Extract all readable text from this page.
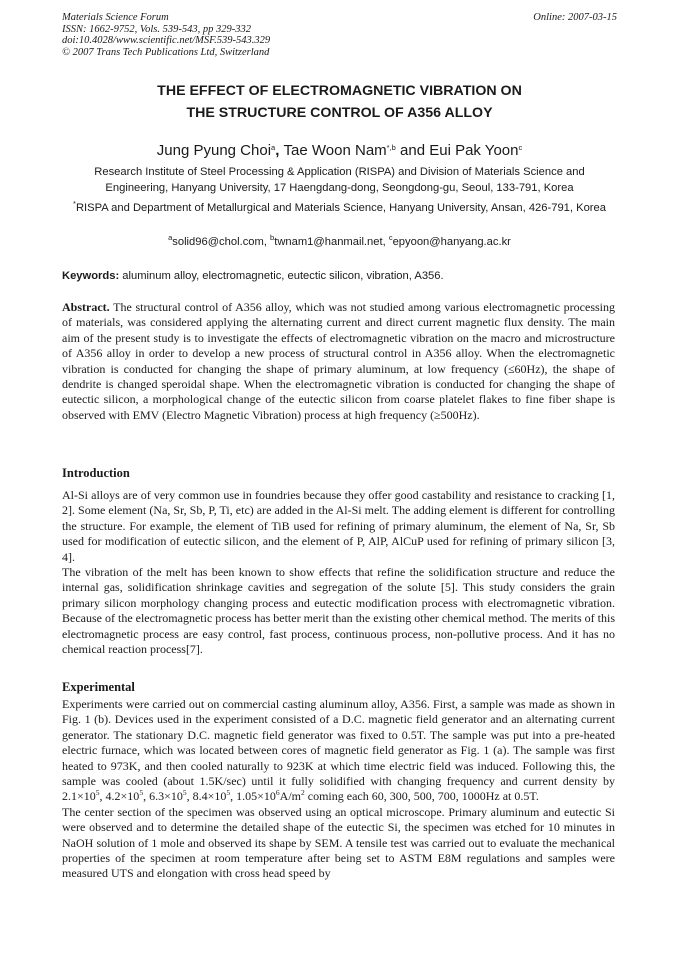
Materials Science Forum
ISSN: 1662-9752, Vols. 539-543, pp 329-332
doi:10.4028/www.scientific.net/MSF.539-543.329
© 2007 Trans Tech Publications Ltd, Switzerland
Online: 2007-03-15
THE EFFECT OF ELECTROMAGNETIC VIBRATION ON
THE STRUCTURE CONTROL OF A356 ALLOY
Jung Pyung Choi$^a$, Tae Woon Nam$^{*,b}$ and Eui Pak Yoon$^c$
Research Institute of Steel Processing & Application (RISPA) and Division of Materials Science and Engineering, Hanyang University, 17 Haengdang-dong, Seongdong-gu, Seoul, 133-791, Korea
*RISPA and Department of Metallurgical and Materials Science, Hanyang University, Ansan, 426-791, Korea
$^a$solid96@chol.com, $^b$twnam1@hanmail.net, $^c$epyoon@hanyang.ac.kr
Keywords: aluminum alloy, electromagnetic, eutectic silicon, vibration, A356.

Abstract. The structural control of A356 alloy, which was not studied among various electromagnetic processing of materials, was considered applying the alternating current and direct current magnetic flux density. The main aim of the present study is to investigate the effects of electromagnetic vibration on the macro and microstructure of A356 alloy in order to develop a new process of structural control in A356 alloy. When the electromagnetic vibration is conducted for changing the shape of primary aluminum, at low frequency (≤60Hz), the shape of dendrite is changed speroidal shape. When the electromagnetic vibration is conducted for changing the shape of eutectic silicon, a morphological change of the eutectic silicon from coarse platelet flakes to fine fiber shape is observed with EMV (Electro Magnetic Vibration) process at high frequency (≥500Hz).

Introduction

Al-Si alloys are of very common use in foundries because they offer good castability and resistance to cracking [1, 2]. Some element (Na, Sr, Sb, P, Ti, etc) are added in the Al-Si melt. The adding element is different for controlling the structure. For example, the element of TiB used for refining of primary aluminum, the element of Na, Sr, Sb used for modification of eutectic silicon, and the element of P, AlP, AlCuP used for refining of primary silicon [3, 4].

The vibration of the melt has been known to show effects that refine the solidification structure and reduce the internal gas, solidification shrinkage cavities and segregation of the solute [5]. This study considers the grain primary silicon morphology changing process and eutectic modification process with electromagnetic vibration. Because of the electromagnetic process has better merit than the existing other chemical method. The merits of this electromagnetic process are easy control, fast process, continuous process, non-pollutive process. And it has no chemical reaction process[7].

Experimental

Experiments were carried out on commercial casting aluminum alloy, A356. First, a sample was made as shown in Fig. 1 (b). Devices used in the experiment consisted of a D.C. magnetic field generator and an alternating current generator. The stationary D.C. magnetic field generator was fixed to 0.5T. The sample was put into a pre-heated electric furnace, which was located between cores of magnetic field generator as Fig. 1 (a). The sample was first heated to 973K, and then cooled naturally to 923K at which time electric field was induced. Following this, the sample was cooled (about 1.5K/sec) until it fully solidified with changing frequency and current density by $2.1\times 10^5$, $4.2\times 10^5$, $6.3\times 10^5$, $8.4\times 10^5$, $1.05\times 10^6A/m^2$ coming each 60, 300, 500, 700, 1000Hz at 0.5T.

The center section of the specimen was observed using an optical microscope. Primary aluminum and eutectic Si were observed and to determine the detailed shape of the eutectic Si, the specimen was etched for 10 minutes in NaOH solution of 1 mole and observed its shape by SEM. A tensile test was carried out to evaluate the mechanical properties of the specimen at room temperature after being set to ASTM E8M regulations and samples were measured UTS and elongation with cross head speed by
